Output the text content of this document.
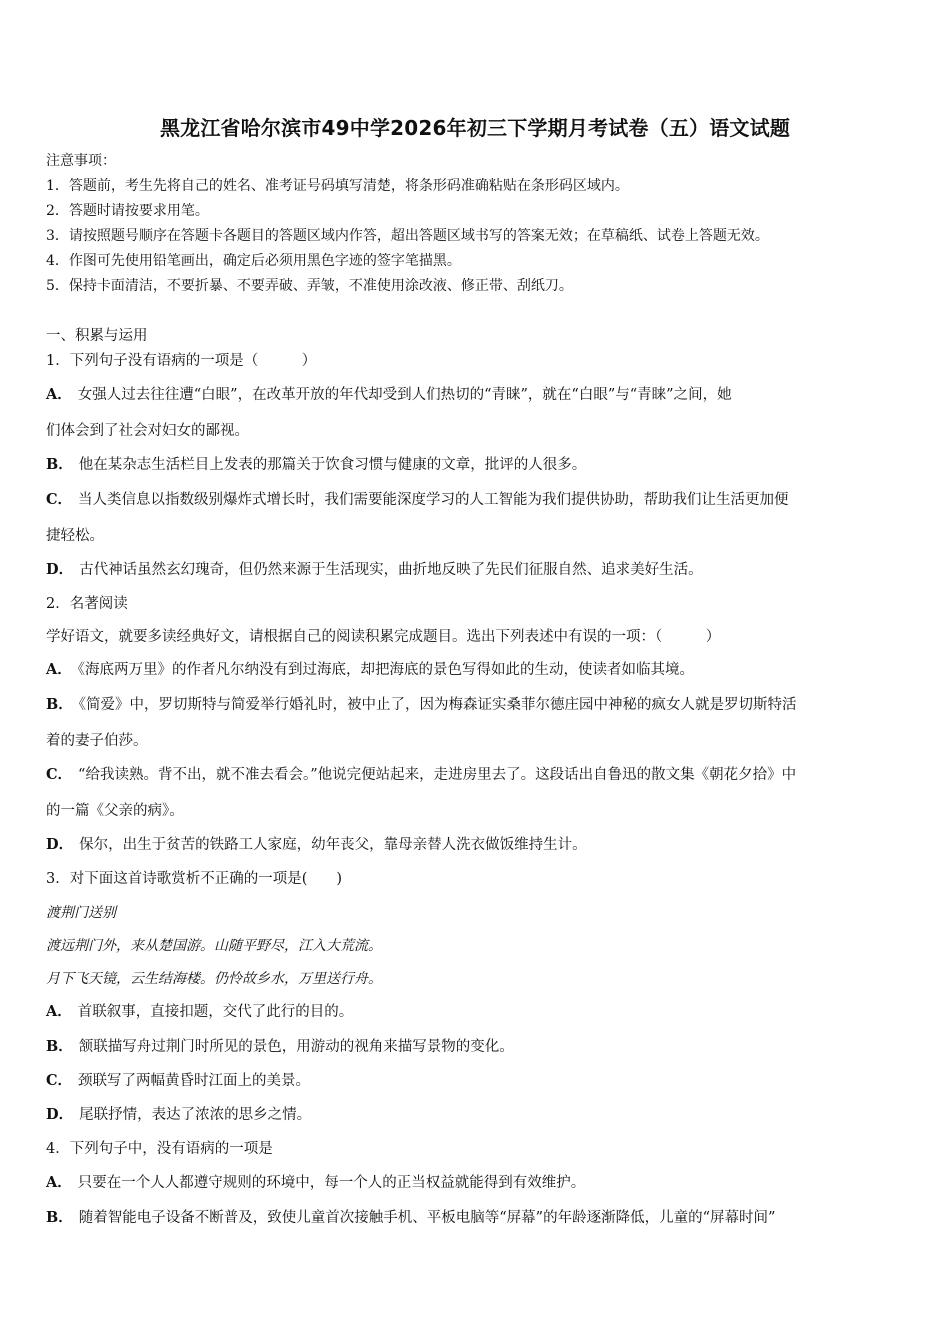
黑龙江省哈尔滨市49中学2026年初三下学期月考试卷（五）语文试题
注意事项：
1．答题前，考生先将自己的姓名、准考证号码填写清楚，将条形码准确粘贴在条形码区域内。
2．答题时请按要求用笔。
3．请按照题号顺序在答题卡各题目的答题区域内作答，超出答题区域书写的答案无效；在草稿纸、试卷上答题无效。
4．作图可先使用铅笔画出，确定后必须用黑色字迹的签字笔描黑。
5．保持卡面清洁，不要折暴、不要弄破、弄皱，不准使用涂改液、修正带、刮纸刀。
一、积累与运用
1．下列句子没有语病的一项是（　　　）
A． 女强人过去往往遭“白眼”，在改革开放的年代却受到人们热切的“青睐”，就在“白眼”与“青睐”之间，她
们体会到了社会对妇女的鄙视。
B． 他在某杂志生活栏目上发表的那篇关于饮食习惯与健康的文章，批评的人很多。
C． 当人类信息以指数级别爆炸式增长时，我们需要能深度学习的人工智能为我们提供协助，帮助我们让生活更加便
捷轻松。
D． 古代神话虽然玄幻瑰奇，但仍然来源于生活现实，曲折地反映了先民们征服自然、追求美好生活。
2．名著阅读
学好语文，就要多读经典好文，请根据自己的阅读积累完成题目。选出下列表述中有误的一项：（　　　）
A． 《海底两万里》的作者凡尔纳没有到过海底，却把海底的景色写得如此的生动，使读者如临其境。
B． 《简爱》中，罗切斯特与简爱举行婚礼时，被中止了，因为梅森证实桑菲尔德庄园中神秘的疯女人就是罗切斯特活
着的妻子伯莎。
C． “给我读熟。背不出，就不准去看会。”他说完便站起来，走进房里去了。这段话出自鲁迅的散文集《朝花夕拾》中
的一篇《父亲的病》。
D． 保尔，出生于贫苦的铁路工人家庭，幼年丧父，靠母亲替人洗衣做饭维持生计。
3．对下面这首诗歌赏析不正确的一项是(　　)
渡荆门送别
渡远荆门外，来从楚国游。山随平野尽，江入大荒流。
月下飞天镜，云生结海楼。仍怜故乡水，万里送行舟。
A． 首联叙事，直接扣题，交代了此行的目的。
B． 颔联描写舟过荆门时所见的景色，用游动的视角来描写景物的变化。
C． 颈联写了两幅黄昏时江面上的美景。
D． 尾联抒情，表达了浓浓的思乡之情。
4．下列句子中，没有语病的一项是
A． 只要在一个人人都遵守规则的环境中，每一个人的正当权益就能得到有效维护。
B． 随着智能电子设备不断普及，致使儿童首次接触手机、平板电脑等“屏幕”的年龄逐渐降低，儿童的“屏幕时间”
